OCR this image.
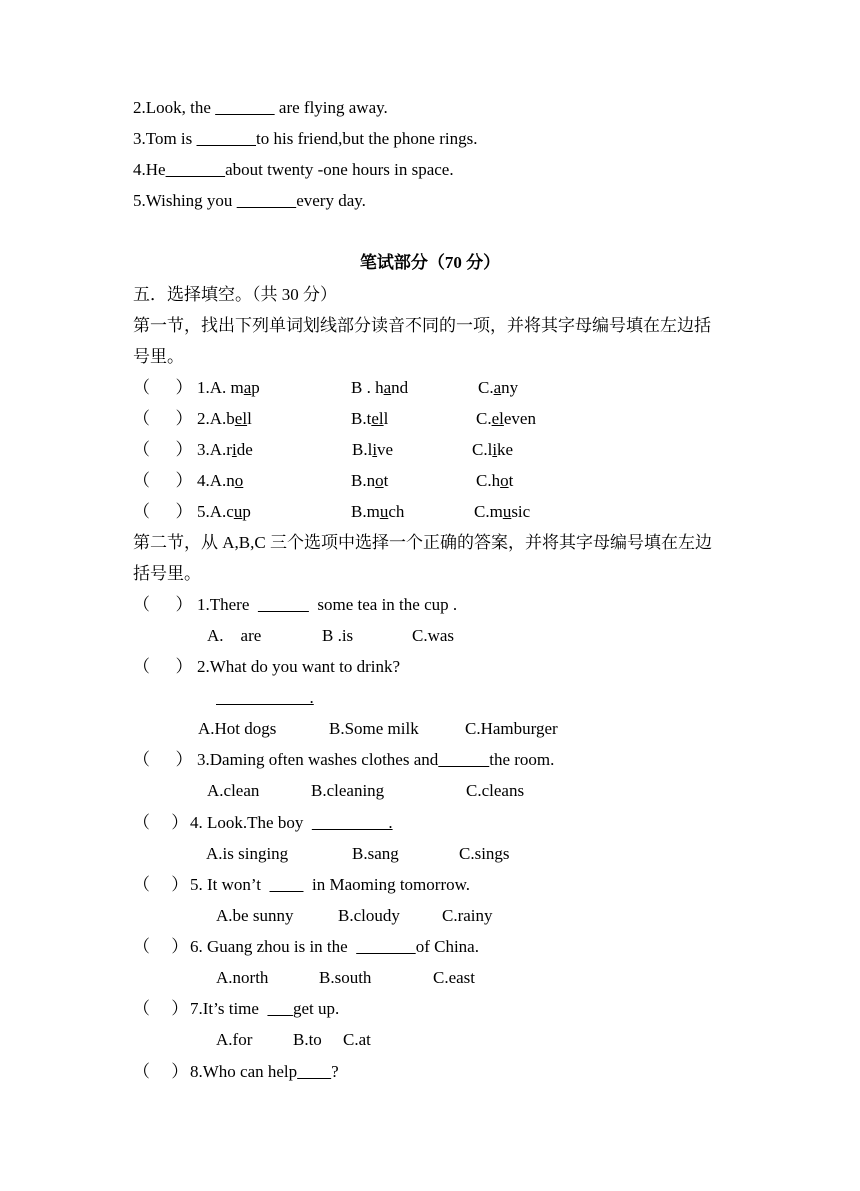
2.Look, the        	are flying away.
3.Tom is        	to his friend,but the phone rings.
4.He       	about twenty -one hours in space.
5.Wishing you        	every day.
笔试部分（70 分）
五．选择填空。（共 30 分）
第一节，找出下列单词划线部分读音不同的一项，并将其字母编号填在左边括
号里。
（      ） 1.A. map	B . hand	C.any
（      ） 2.A.bell	B.tell	C.eleven
（      ） 3.A.ride	B.live	C.like
（      ） 4.A.no	B.not	C.hot
（      ） 5.A.cup	B.much	C.music
第二节，从 A,B,C 三个选项中选择一个正确的答案，并将其字母编号填在左边
括号里。
（      ） 1.There        	some tea in the cup .
A.    are	B .is	C.was
（      ） 2.What do you want to drink?
           .
A.Hot dogs	B.Some milk	C.Hamburger
（      ） 3.Daming often washes clothes and      	the room.
A.clean	B.cleaning	C.cleans
（     ） 4. Look.The boy           .
A.is singing	B.sang	C.sings
（     ） 5. It won’t        in Maoming tomorrow.
A.be sunny	B.cloudy C.rainy
（     ） 6. Guang zhou is in the         	of China.
A.north	B.south	C.east
（     ） 7.It’s time     get up.
A.for B.to C.at
（     ） 8.Who can help     ?
